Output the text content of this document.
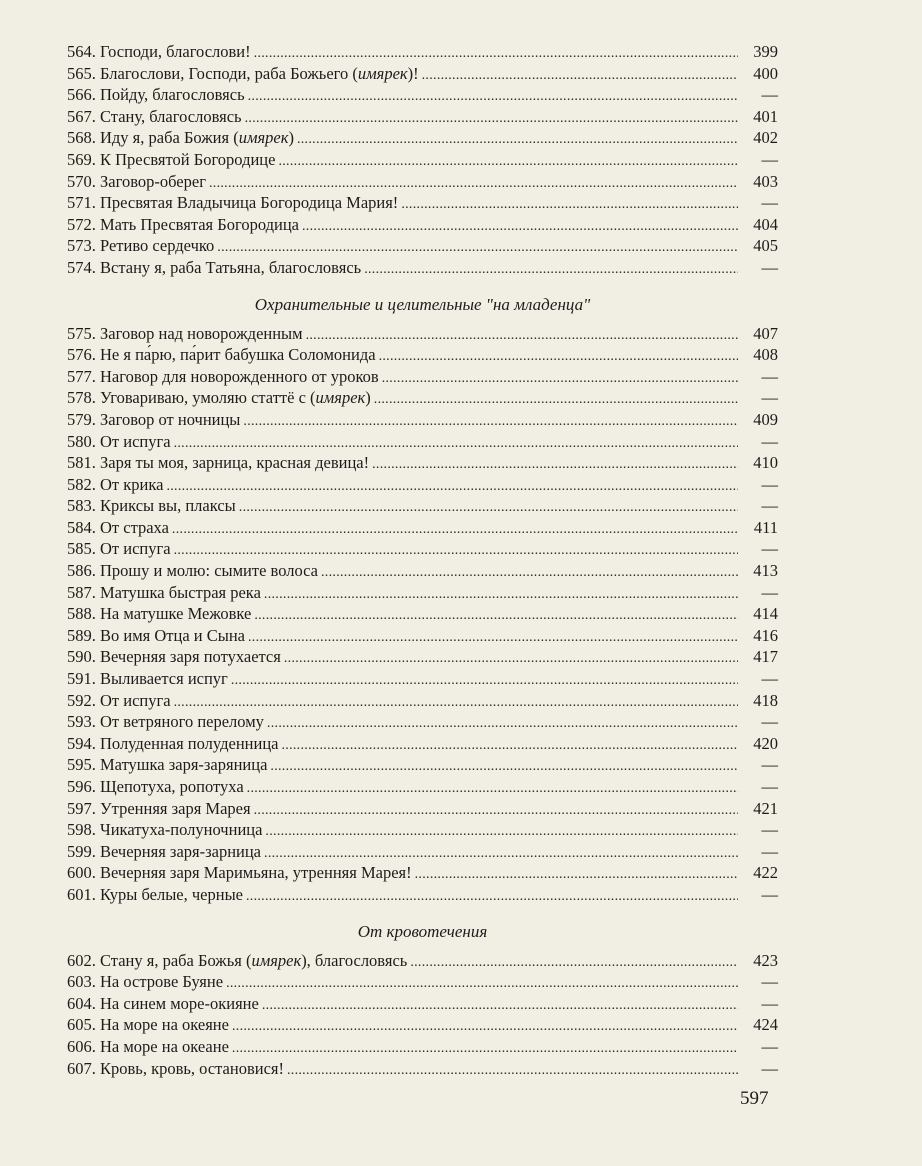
564. Господи, благослови! . . .	399
565. Благослови, Господи, раба Божьего (имярек)! . . .	400
566. Пойду, благословясь . . .	—
567. Стану, благословясь . . .	401
568. Иду я, раба Божия (имярек) . . .	402
569. К Пресвятой Богородице . . .	—
570. Заговор-оберег . . .	403
571. Пресвятая Владычица Богородица Мария! . . .	—
572. Мать Пресвятая Богородица . . .	404
573. Ретиво сердечко . . .	405
574. Встану я, раба Татьяна, благословясь . . .	—
Охранительные и целительные "на младенца"
575. Заговор над новорожденным . . .	407
576. Не я па́рю, па́рит бабушка Соломонида . . .	408
577. Наговор для новорожденного от уроков . . .	—
578. Уговариваю, умоляю статтё с (имярек) . . .	—
579. Заговор от ночницы . . .	409
580. От испуга . . .	—
581. Заря ты моя, зарница, красная девица! . . .	410
582. От крика . . .	—
583. Криксы вы, плаксы . . .	—
584. От страха . . .	411
585. От испуга . . .	—
586. Прошу и молю: сымите волоса . . .	413
587. Матушка быстрая река . . .	—
588. На матушке Межовке . . .	414
589. Во имя Отца и Сына . . .	416
590. Вечерняя заря потухается . . .	417
591. Выливается испуг . . .	—
592. От испуга . . .	418
593. От ветряного переломy . . .	—
594. Полуденная полуденница . . .	420
595. Матушка заря-заряница . . .	—
596. Щепотуха, ропотуха . . .	—
597. Утренняя заря Марея . . .	421
598. Чикатуха-полуночница . . .	—
599. Вечерняя заря-зарница . . .	—
600. Вечерняя заря Маримьяна, утренняя Марея! . . .	422
601. Куры белые, черные . . .	—
От кровотечения
602. Стану я, раба Божья (имярек), благословясь . . .	423
603. На острове Буяне . . .	—
604. На синем море-окияне . . .	—
605. На море на океяне . . .	424
606. На море на океане . . .	—
607. Кровь, кровь, остановися! . . .	—
597
